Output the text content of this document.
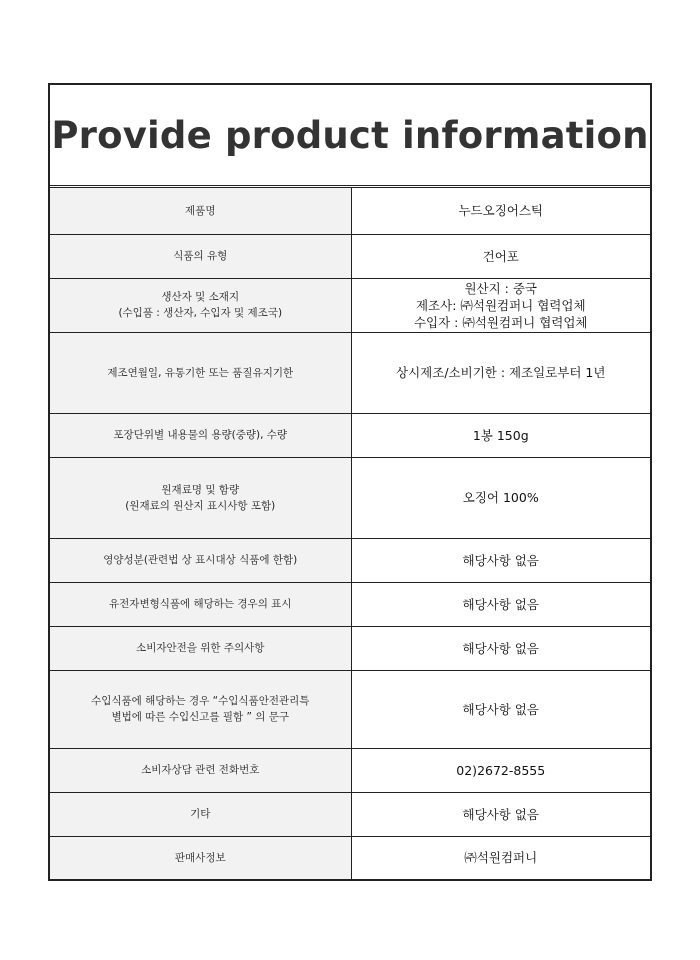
Provide product information
제품명	누드오징어스틱

식품의 유형	건어포

생산자 및 소재지
(수입품 : 생산자, 수입자 및 제조국)	원산지 : 중국
제조사: ㈜석원컴퍼니 협력업체
수입자 : ㈜석원컴퍼니 협력업체

제조연월일, 유통기한 또는 품질유지기한	상시제조/소비기한 : 제조일로부터 1년

포장단위별 내용물의 용량(중량), 수량	1봉 150g

원재료명 및 함량
(원재료의 원산지 표시사항 포함)	오징어 100%

영양성분(관련법 상 표시대상 식품에 한함)	해당사항 없음

유전자변형식품에 해당하는 경우의 표시	해당사항 없음

소비자안전을 위한 주의사항	해당사항 없음

수입식품에 해당하는 경우 “수입식품안전관리특
별법에 따른 수입신고를 필함 ” 의 문구	해당사항 없음

소비자상담 관련 전화번호	02)2672-8555

기타	해당사항 없음

판매사정보	㈜석원컴퍼니
